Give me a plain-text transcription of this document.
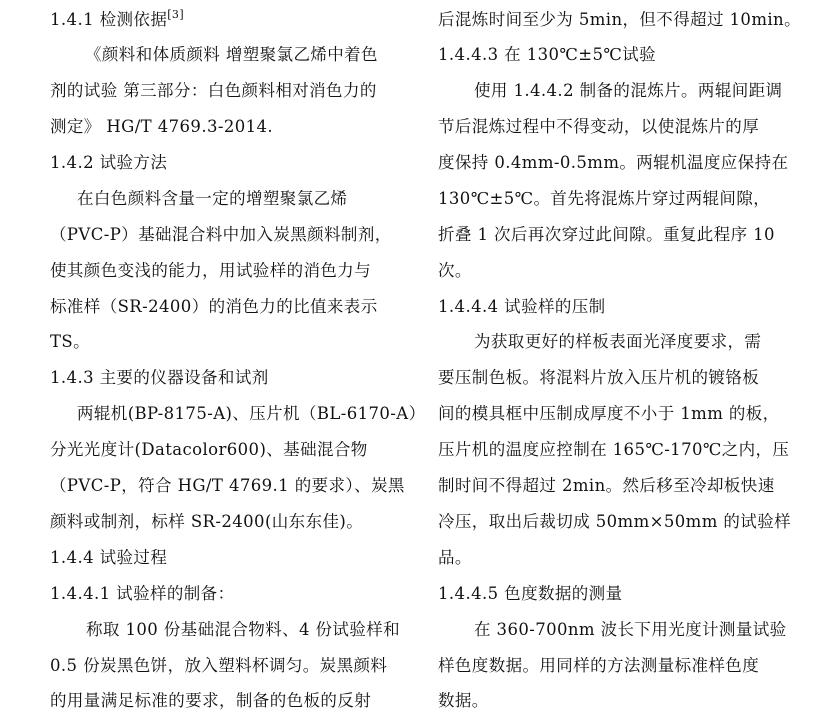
1.4.1 检测依据[3]
《颜料和体质颜料 增塑聚氯乙烯中着色
剂的试验 第三部分：白色颜料相对消色力的
测定》 HG/T 4769.3-2014.
1.4.2 试验方法
在白色颜料含量一定的增塑聚氯乙烯
（PVC-P）基础混合料中加入炭黑颜料制剂，
使其颜色变浅的能力，用试验样的消色力与
标准样（SR-2400）的消色力的比值来表示
TS。
1.4.3 主要的仪器设备和试剂
两辊机(BP-8175-A)、压片机（BL-6170-A）
分光光度计(Datacolor600)、基础混合物
（PVC-P，符合 HG/T 4769.1 的要求）、炭黑
颜料或制剂，标样 SR-2400(山东东佳)。
1.4.4 试验过程
1.4.4.1 试验样的制备：
称取 100 份基础混合物料、4 份试验样和
0.5 份炭黑色饼，放入塑料杯调匀。炭黑颜料
的用量满足标准的要求，制备的色板的反射
后混炼时间至少为 5min，但不得超过 10min。
1.4.4.3 在 130℃±5℃试验
使用 1.4.4.2 制备的混炼片。两辊间距调
节后混炼过程中不得变动，以使混炼片的厚
度保持 0.4mm-0.5mm。两辊机温度应保持在
130℃±5℃。首先将混炼片穿过两辊间隙，
折叠 1 次后再次穿过此间隙。重复此程序 10
次。
1.4.4.4 试验样的压制
为获取更好的样板表面光泽度要求，需
要压制色板。将混料片放入压片机的镀铬板
间的模具框中压制成厚度不小于 1mm 的板，
压片机的温度应控制在 165℃-170℃之内，压
制时间不得超过 2min。然后移至冷却板快速
冷压，取出后裁切成 50mm×50mm 的试验样
品。
1.4.4.5 色度数据的测量
在 360-700nm 波长下用光度计测量试验
样色度数据。用同样的方法测量标准样色度
数据。
